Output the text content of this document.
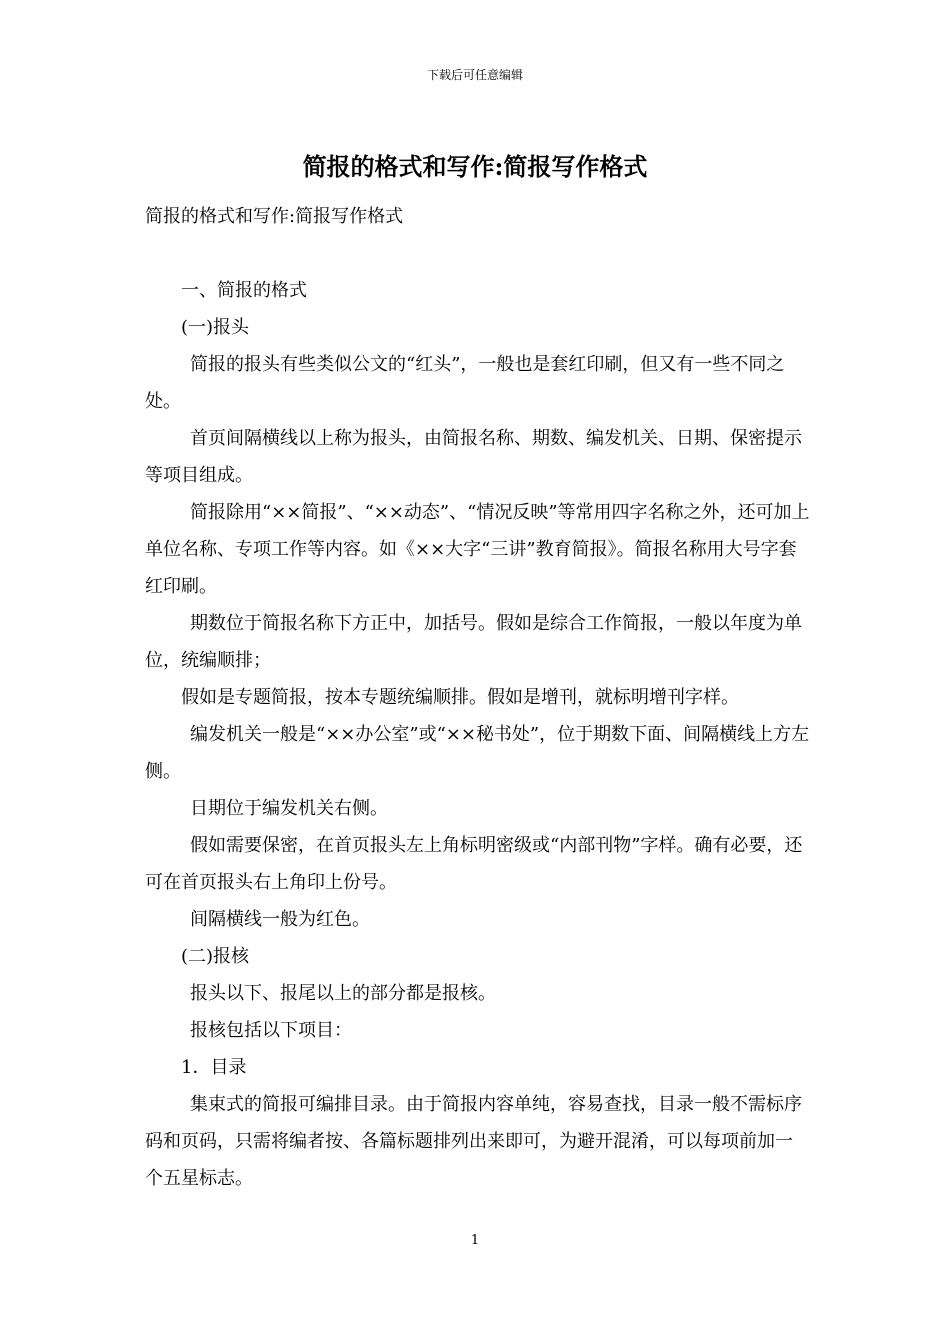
下载后可任意编辑
简报的格式和写作:简报写作格式

简报的格式和写作:简报写作格式

一、简报的格式

(一)报头

简报的报头有些类似公文的“红头”，一般也是套红印刷，但又有一些不同之处。

首页间隔横线以上称为报头，由简报名称、期数、编发机关、日期、保密提示等项目组成。

简报除用“××简报”、“××动态”、“情况反映”等常用四字名称之外，还可加上单位名称、专项工作等内容。如《××大字“三讲”教育简报》。简报名称用大号字套红印刷。

期数位于简报名称下方正中，加括号。假如是综合工作简报，一般以年度为单位，统编顺排；

假如是专题简报，按本专题统编顺排。假如是增刊，就标明增刊字样。

编发机关一般是“××办公室”或“××秘书处”，位于期数下面、间隔横线上方左侧。

日期位于编发机关右侧。

假如需要保密，在首页报头左上角标明密级或“内部刊物”字样。确有必要，还可在首页报头右上角印上份号。

间隔横线一般为红色。

(二)报核

报头以下、报尾以上的部分都是报核。

报核包括以下项目：

1．目录

集束式的简报可编排目录。由于简报内容单纯，容易查找，目录一般不需标序码和页码，只需将编者按、各篇标题排列出来即可，为避开混淆，可以每项前加一个五星标志。

1
